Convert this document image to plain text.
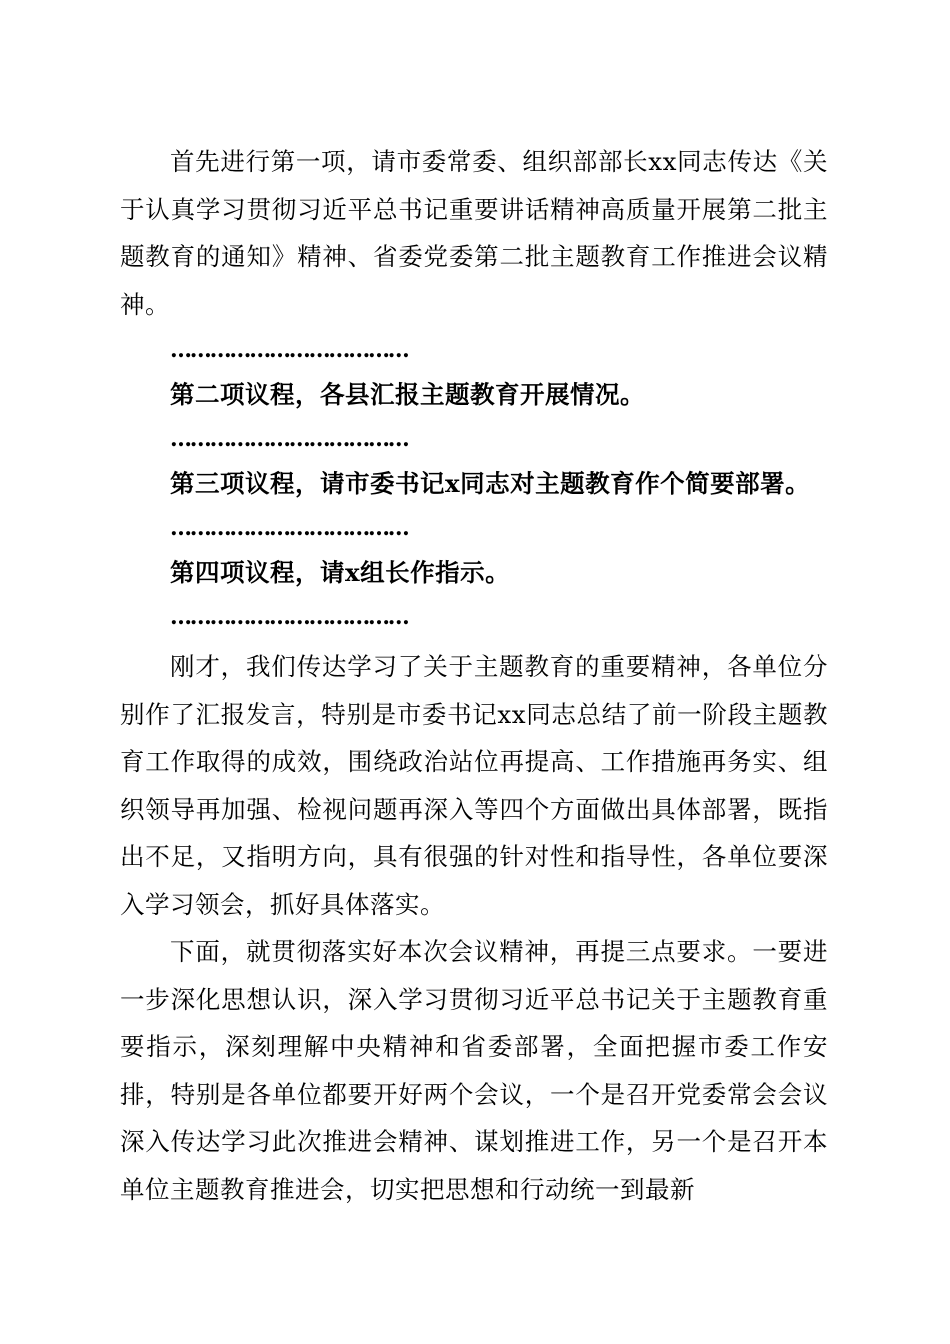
首先进行第一项，请市委常委、组织部部长xx同志传达《关于认真学习贯彻习近平总书记重要讲话精神高质量开展第二批主题教育的通知》精神、省委党委第二批主题教育工作推进会议精神。

………………………………

第二项议程，各县汇报主题教育开展情况。

………………………………

第三项议程，请市委书记x同志对主题教育作个简要部署。

………………………………

第四项议程，请x组长作指示。

………………………………

刚才，我们传达学习了关于主题教育的重要精神，各单位分别作了汇报发言，特别是市委书记xx同志总结了前一阶段主题教育工作取得的成效，围绕政治站位再提高、工作措施再务实、组织领导再加强、检视问题再深入等四个方面做出具体部署，既指出不足，又指明方向，具有很强的针对性和指导性，各单位要深入学习领会，抓好具体落实。

下面，就贯彻落实好本次会议精神，再提三点要求。一要进一步深化思想认识，深入学习贯彻习近平总书记关于主题教育重要指示，深刻理解中央精神和省委部署，全面把握市委工作安排，特别是各单位都要开好两个会议，一个是召开党委常会会议深入传达学习此次推进会精神、谋划推进工作，另一个是召开本单位主题教育推进会，切实把思想和行动统一到最新
